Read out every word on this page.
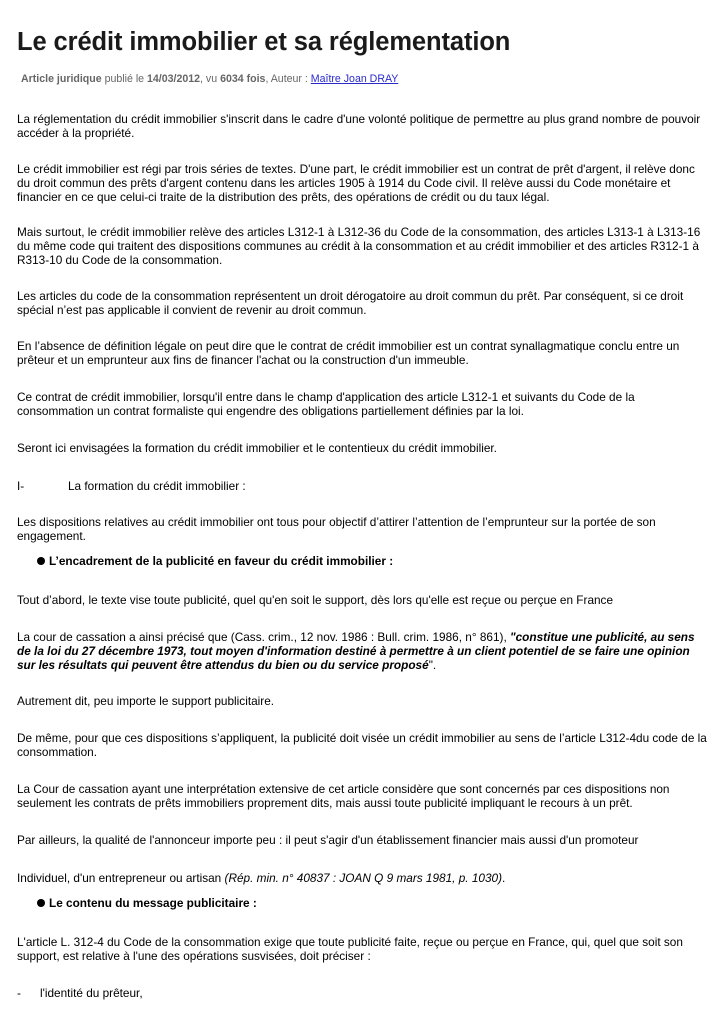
Le crédit immobilier et sa réglementation

Article juridique publié le 14/03/2012, vu 6034 fois, Auteur : Maître Joan DRAY

La réglementation du crédit immobilier s'inscrit dans le cadre d'une volonté politique de permettre au plus grand nombre de pouvoir accéder à la propriété.

Le crédit immobilier est régi par trois séries de textes. D'une part, le crédit immobilier est un contrat de prêt d'argent, il relève donc du droit commun des prêts d'argent contenu dans les articles 1905 à 1914 du Code civil. Il relève aussi du Code monétaire et financier en ce que celui-ci traite de la distribution des prêts, des opérations de crédit ou du taux légal.

Mais surtout, le crédit immobilier relève des articles L312-1 à L312-36 du Code de la consommation, des articles L313-1 à L313-16 du même code qui traitent des dispositions communes au crédit à la consommation et au crédit immobilier et des articles R312-1 à R313-10 du Code de la consommation.

Les articles du code de la consommation représentent un droit dérogatoire au droit commun du prêt. Par conséquent, si ce droit spécial n’est pas applicable il convient de revenir au droit commun.

En l’absence de définition légale on peut dire que le contrat de crédit immobilier est un contrat synallagmatique conclu entre un prêteur et un emprunteur aux fins de financer l'achat ou la construction d'un immeuble.

Ce contrat de crédit immobilier, lorsqu'il entre dans le champ d'application des article L312-1 et suivants du Code de la consommation un contrat formaliste qui engendre des obligations partiellement définies par la loi.

Seront ici envisagées la formation du crédit immobilier et le contentieux du crédit immobilier.

I-	La formation du crédit immobilier :

Les dispositions relatives au crédit immobilier ont tous pour objectif d’attirer l’attention de l’emprunteur sur la portée de son engagement.

L’encadrement de la publicité en faveur du crédit immobilier :

Tout d’abord, le texte vise toute publicité, quel qu'en soit le support, dès lors qu'elle est reçue ou perçue en France

La cour de cassation a ainsi précisé que (Cass. crim., 12 nov. 1986 : Bull. crim. 1986, n° 861), "constitue une publicité, au sens de la loi du 27 décembre 1973, tout moyen d'information destiné à permettre à un client potentiel de se faire une opinion sur les résultats qui peuvent être attendus du bien ou du service proposé".

Autrement dit, peu importe le support publicitaire.

De même, pour que ces dispositions s’appliquent, la publicité doit visée un crédit immobilier au sens de l’article L312-4du code de la consommation.

La Cour de cassation ayant une interprétation extensive de cet article considère que sont concernés par ces dispositions non seulement les contrats de prêts immobiliers proprement dits, mais aussi toute publicité impliquant le recours à un prêt.

Par ailleurs, la qualité de l'annonceur importe peu : il peut s'agir d'un établissement financier mais aussi d'un promoteur

Individuel, d'un entrepreneur ou artisan (Rép. min. n° 40837 : JOAN Q 9 mars 1981, p. 1030).

Le contenu du message publicitaire :

L'article L. 312-4 du Code de la consommation exige que toute publicité faite, reçue ou perçue en France, qui, quel que soit son support, est relative à l'une des opérations susvisées, doit préciser :

- l'identité du prêteur,
